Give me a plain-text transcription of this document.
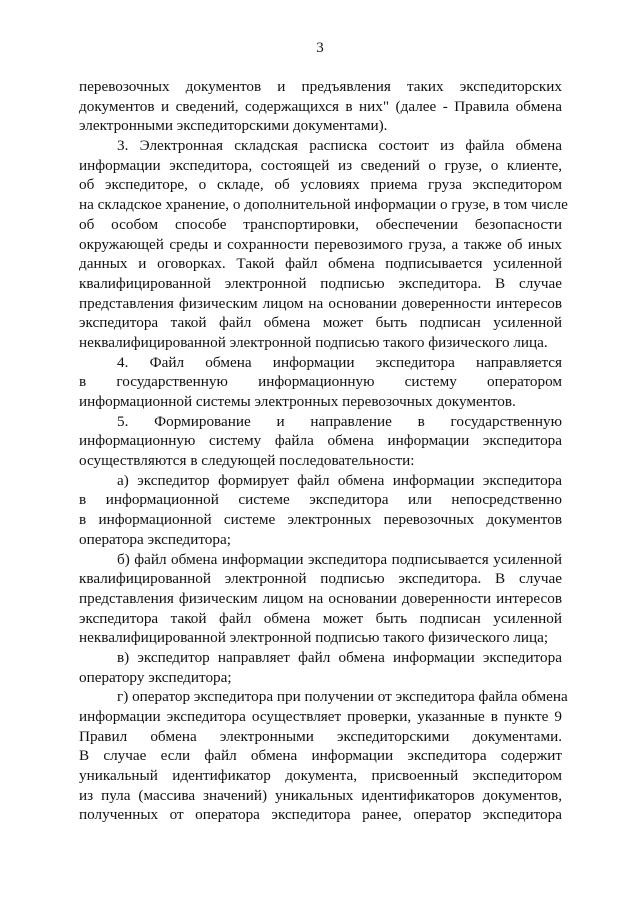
3
перевозочных документов и предъявления таких экспедиторских
документов и сведений, содержащихся в них" (далее - Правила обмена
электронными экспедиторскими документами).
3. Электронная складская расписка состоит из файла обмена
информации экспедитора, состоящей из сведений о грузе, о клиенте,
об экспедиторе, о складе, об условиях приема груза экспедитором
на складское хранение, о дополнительной информации о грузе, в том числе
об особом способе транспортировки, обеспечении безопасности
окружающей среды и сохранности перевозимого груза, а также об иных
данных и оговорках. Такой файл обмена подписывается усиленной
квалифицированной электронной подписью экспедитора. В случае
представления физическим лицом на основании доверенности интересов
экспедитора такой файл обмена может быть подписан усиленной
неквалифицированной электронной подписью такого физического лица.
4. Файл обмена информации экспедитора направляется
в государственную информационную систему оператором
информационной системы электронных перевозочных документов.
5. Формирование и направление в государственную
информационную систему файла обмена информации экспедитора
осуществляются в следующей последовательности:
а) экспедитор формирует файл обмена информации экспедитора
в информационной системе экспедитора или непосредственно
в информационной системе электронных перевозочных документов
оператора экспедитора;
б) файл обмена информации экспедитора подписывается усиленной
квалифицированной электронной подписью экспедитора. В случае
представления физическим лицом на основании доверенности интересов
экспедитора такой файл обмена может быть подписан усиленной
неквалифицированной электронной подписью такого физического лица;
в) экспедитор направляет файл обмена информации экспедитора
оператору экспедитора;
г) оператор экспедитора при получении от экспедитора файла обмена
информации экспедитора осуществляет проверки, указанные в пункте 9
Правил обмена электронными экспедиторскими документами.
В случае если файл обмена информации экспедитора содержит
уникальный идентификатор документа, присвоенный экспедитором
из пула (массива значений) уникальных идентификаторов документов,
полученных от оператора экспедитора ранее, оператор экспедитора
